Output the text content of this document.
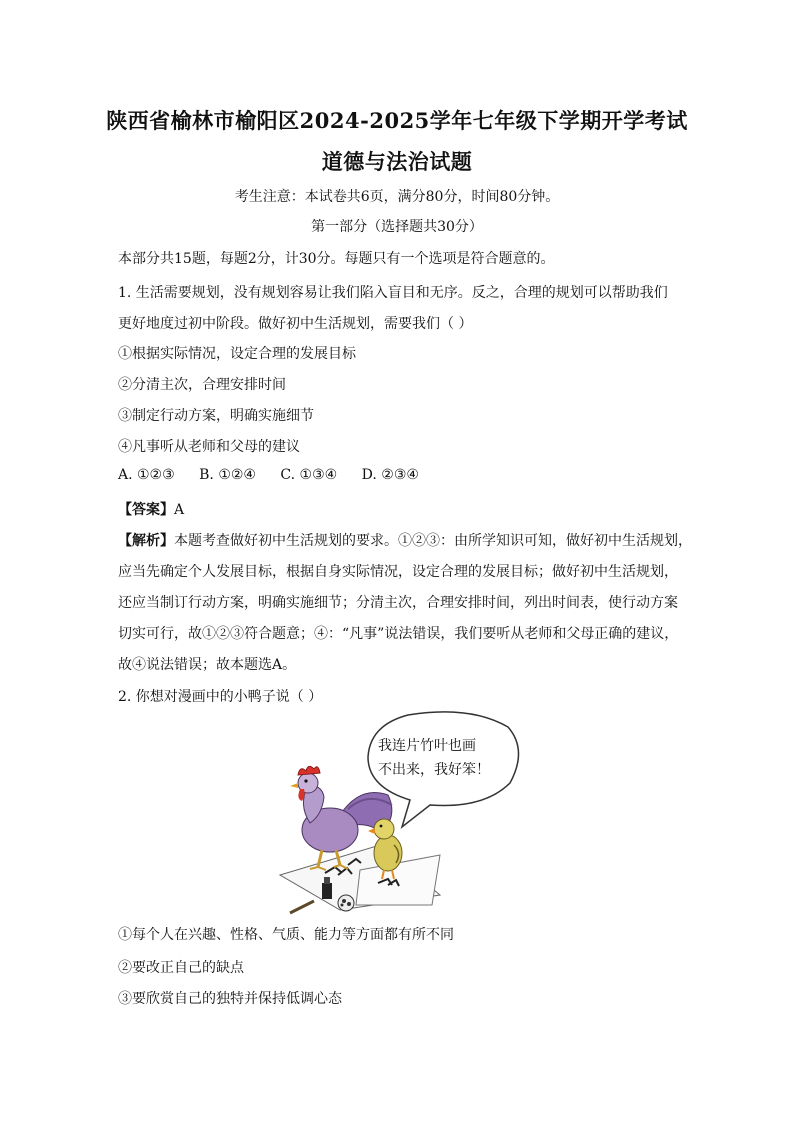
陕西省榆林市榆阳区2024-2025学年七年级下学期开学考试
道德与法治试题
考生注意：本试卷共6页，满分80分，时间80分钟。
第一部分（选择题共30分）
本部分共15题，每题2分，计30分。每题只有一个选项是符合题意的。
1. 生活需要规划，没有规划容易让我们陷入盲目和无序。反之，合理的规划可以帮助我们
更好地度过初中阶段。做好初中生活规划，需要我们（ ）
①根据实际情况，设定合理的发展目标
②分清主次，合理安排时间
③制定行动方案，明确实施细节
④凡事听从老师和父母的建议
A. ①②③ B. ①②④ C. ①③④ D. ②③④
【答案】A
【解析】本题考查做好初中生活规划的要求。①②③：由所学知识可知，做好初中生活规划，
应当先确定个人发展目标，根据自身实际情况，设定合理的发展目标；做好初中生活规划，
还应当制订行动方案，明确实施细节；分清主次，合理安排时间，列出时间表，使行动方案
切实可行，故①②③符合题意；④：“凡事”说法错误，我们要听从老师和父母正确的建议，
故④说法错误；故本题选A。
2. 你想对漫画中的小鸭子说（ ）
我连片竹叶也画
不出来，我好笨！
①每个人在兴趣、性格、气质、能力等方面都有所不同
②要改正自己的缺点
③要欣赏自己的独特并保持低调心态
